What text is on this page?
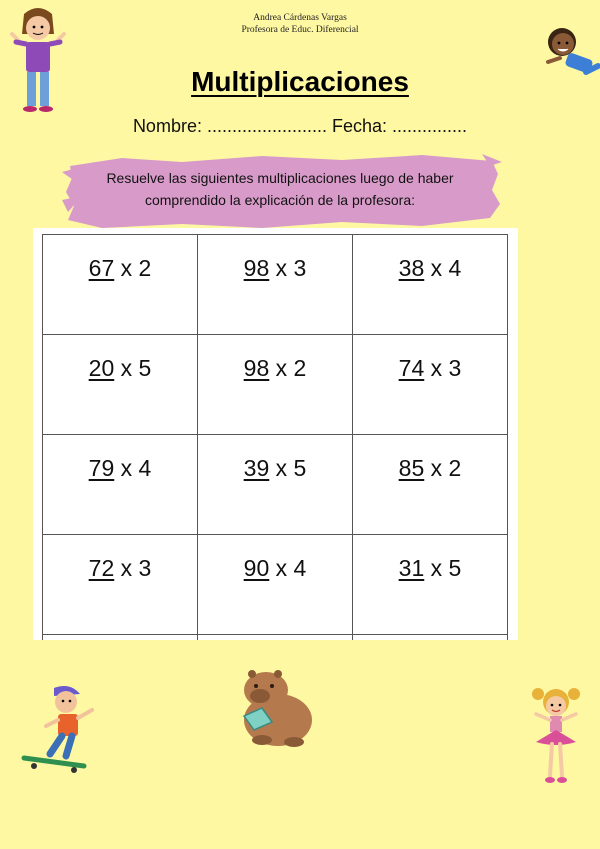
Andrea Cárdenas Vargas
Profesora de Educ. Diferencial
Multiplicaciones
Nombre: ........................ Fecha: ...............
Resuelve las siguientes multiplicaciones luego de haber
comprendido la explicación de la profesora:
67 x 2	98 x 3	38 x 4

20 x 5	98 x 2	74 x 3

79 x 4	39 x 5	85 x 2

72 x 3	90 x 4	31 x 5
